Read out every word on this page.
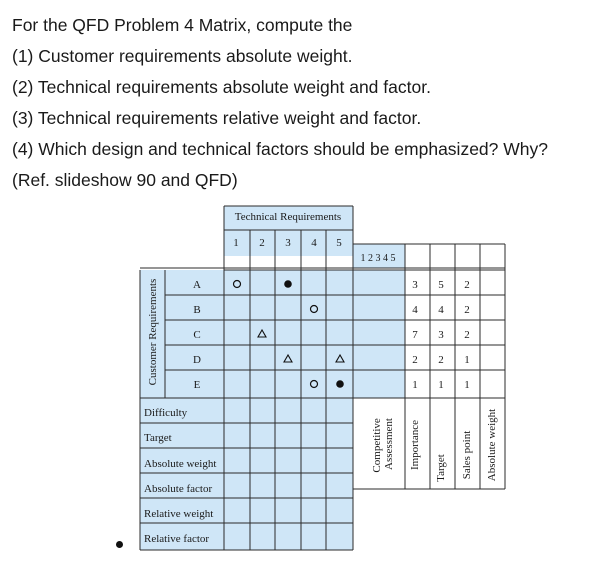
For the QFD Problem 4 Matrix, compute the
(1) Customer requirements absolute weight.
(2) Technical requirements absolute weight and factor.
(3) Technical requirements relative weight and factor.
(4) Which design and technical factors should be emphasized? Why?
(Ref. slideshow 90 and QFD)
Technical Requirements
1 2 3 4 5
1 2 3 4 5
Customer Requirements	A
B
C
D
E
3 5 2
4 4 2
7 3 2
2 2 1
1 1 1
Difficulty
Target
Absolute weight
Absolute factor
Relative weight
Relative factor
Competitive Assessment Importance Target Sales point Absolute weight
